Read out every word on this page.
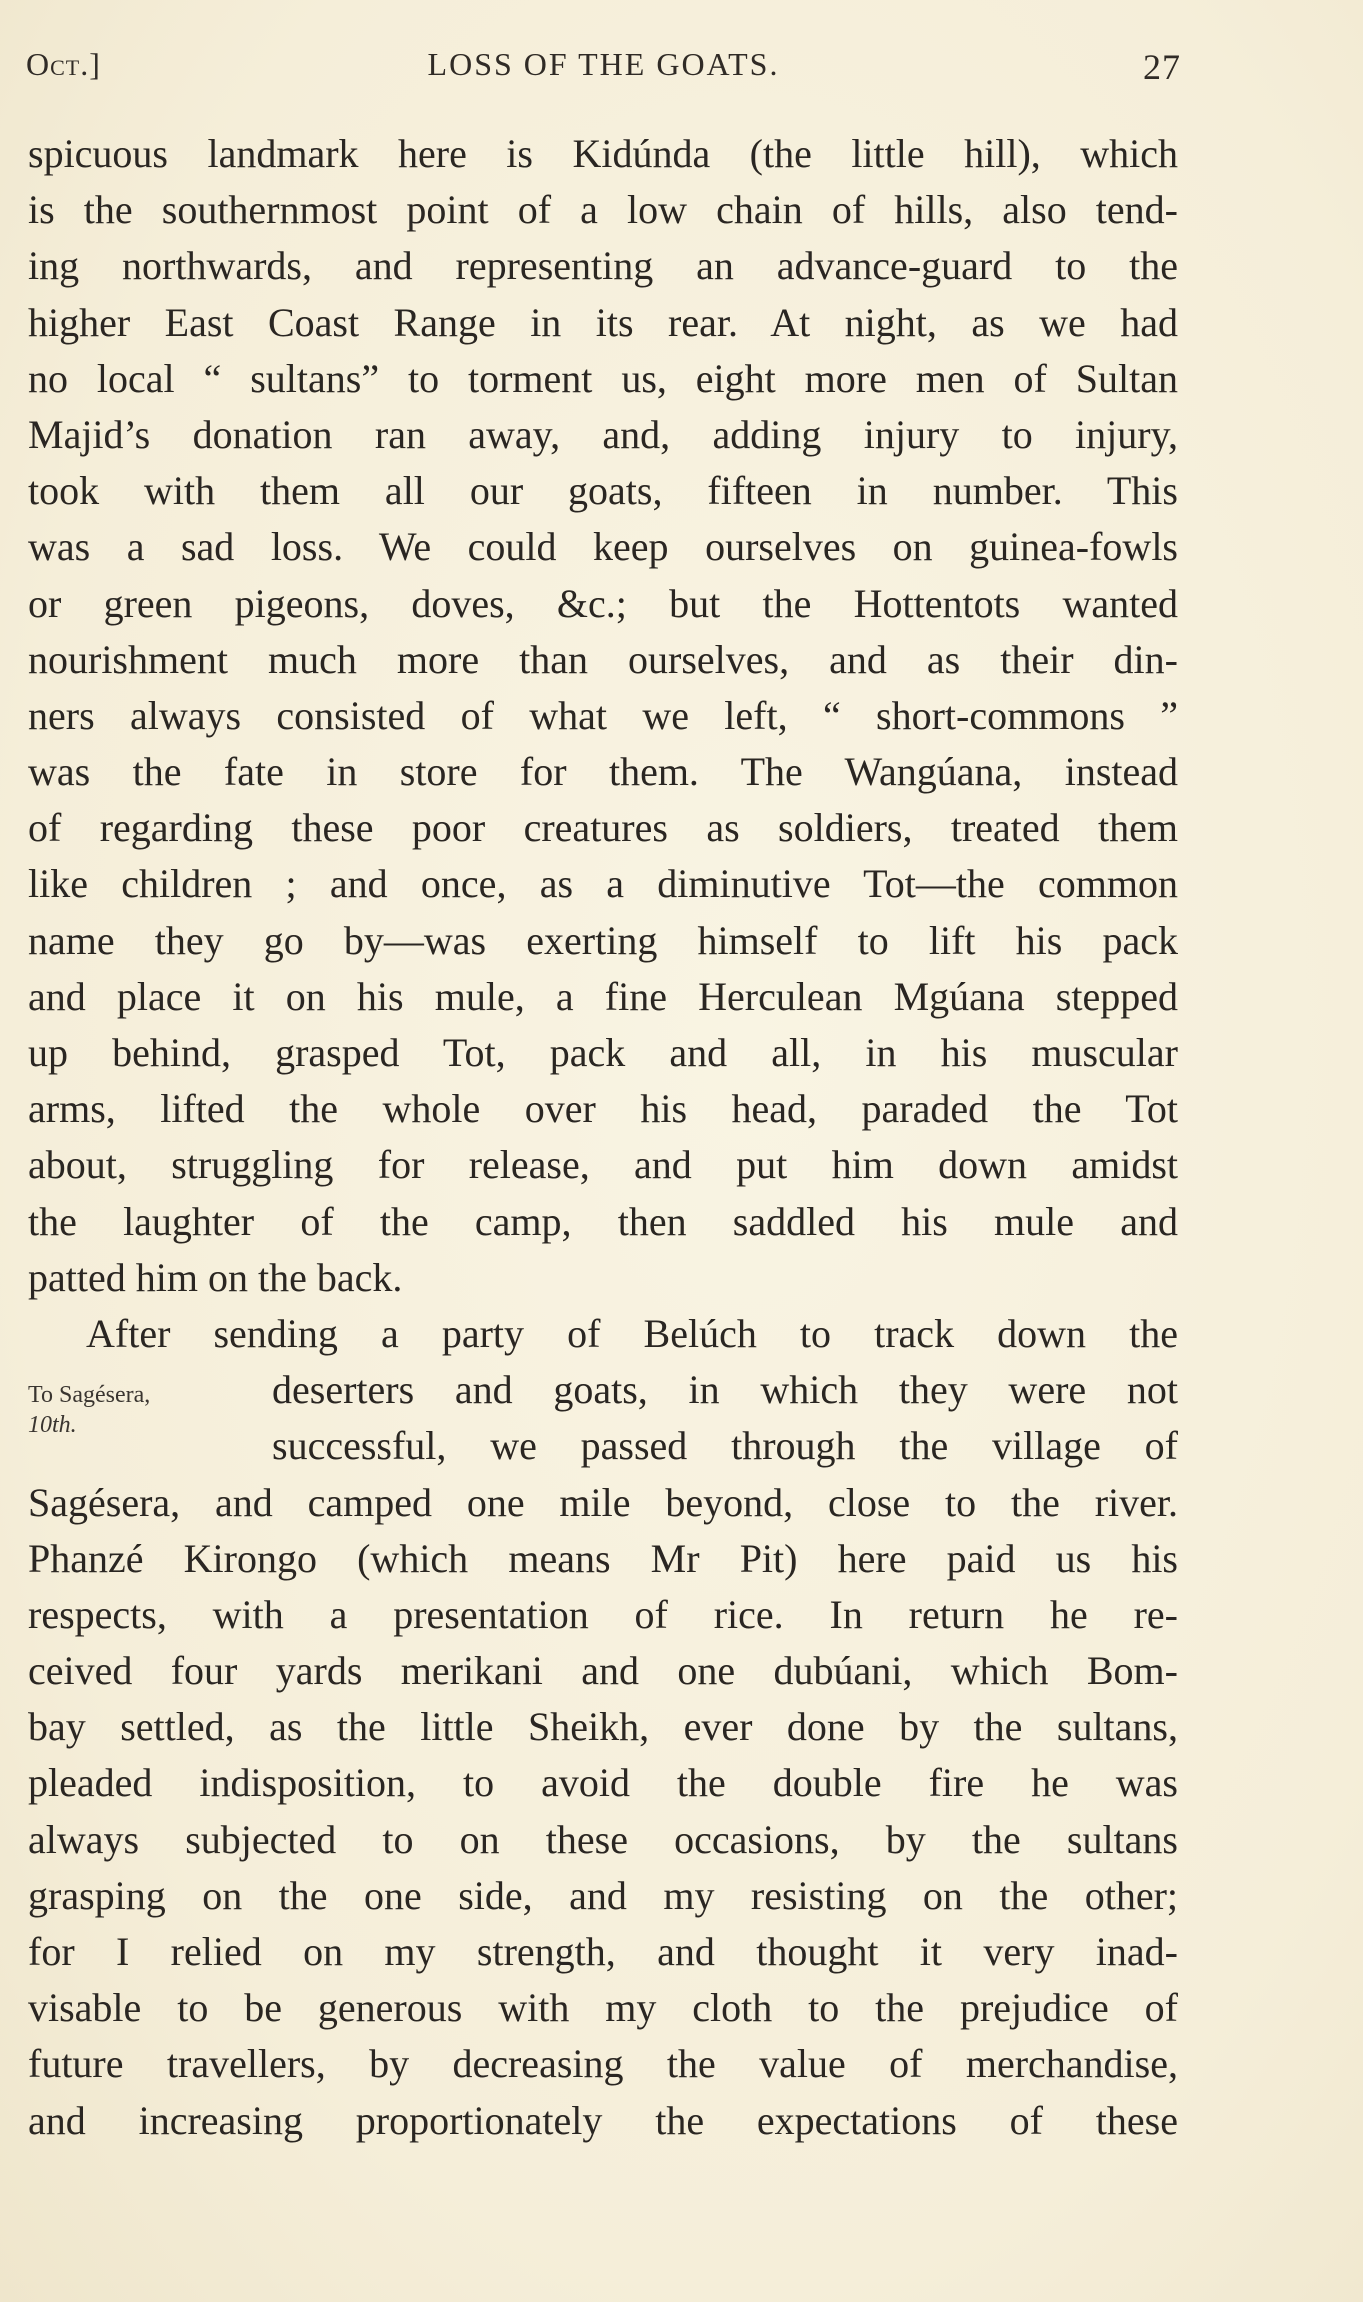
Oct.]	LOSS OF THE GOATS.	27
To Sagésera,
10th.
spicuous landmark here is Kidúnda (the little hill), which
is the southernmost point of a low chain of hills, also tend-
ing northwards, and representing an advance-guard to the
higher East Coast Range in its rear. At night, as we had
no local “ sultans” to torment us, eight more men of Sultan
Majid’s donation ran away, and, adding injury to injury,
took with them all our goats, fifteen in number. This
was a sad loss. We could keep ourselves on guinea-fowls
or green pigeons, doves, &c.; but the Hottentots wanted
nourishment much more than ourselves, and as their din-
ners always consisted of what we left, “ short-commons ”
was the fate in store for them. The Wangúana, instead
of regarding these poor creatures as soldiers, treated them
like children ; and once, as a diminutive Tot—the common
name they go by—was exerting himself to lift his pack
and place it on his mule, a fine Herculean Mgúana stepped
up behind, grasped Tot, pack and all, in his muscular
arms, lifted the whole over his head, paraded the Tot
about, struggling for release, and put him down amidst
the laughter of the camp, then saddled his mule and
patted him on the back.
After sending a party of Belúch to track down the
deserters and goats, in which they were not
successful, we passed through the village of
Sagésera, and camped one mile beyond, close to the river.
Phanzé Kirongo (which means Mr Pit) here paid us his
respects, with a presentation of rice. In return he re-
ceived four yards merikani and one dubúani, which Bom-
bay settled, as the little Sheikh, ever done by the sultans,
pleaded indisposition, to avoid the double fire he was
always subjected to on these occasions, by the sultans
grasping on the one side, and my resisting on the other;
for I relied on my strength, and thought it very inad-
visable to be generous with my cloth to the prejudice of
future travellers, by decreasing the value of merchandise,
and increasing proportionately the expectations of these
